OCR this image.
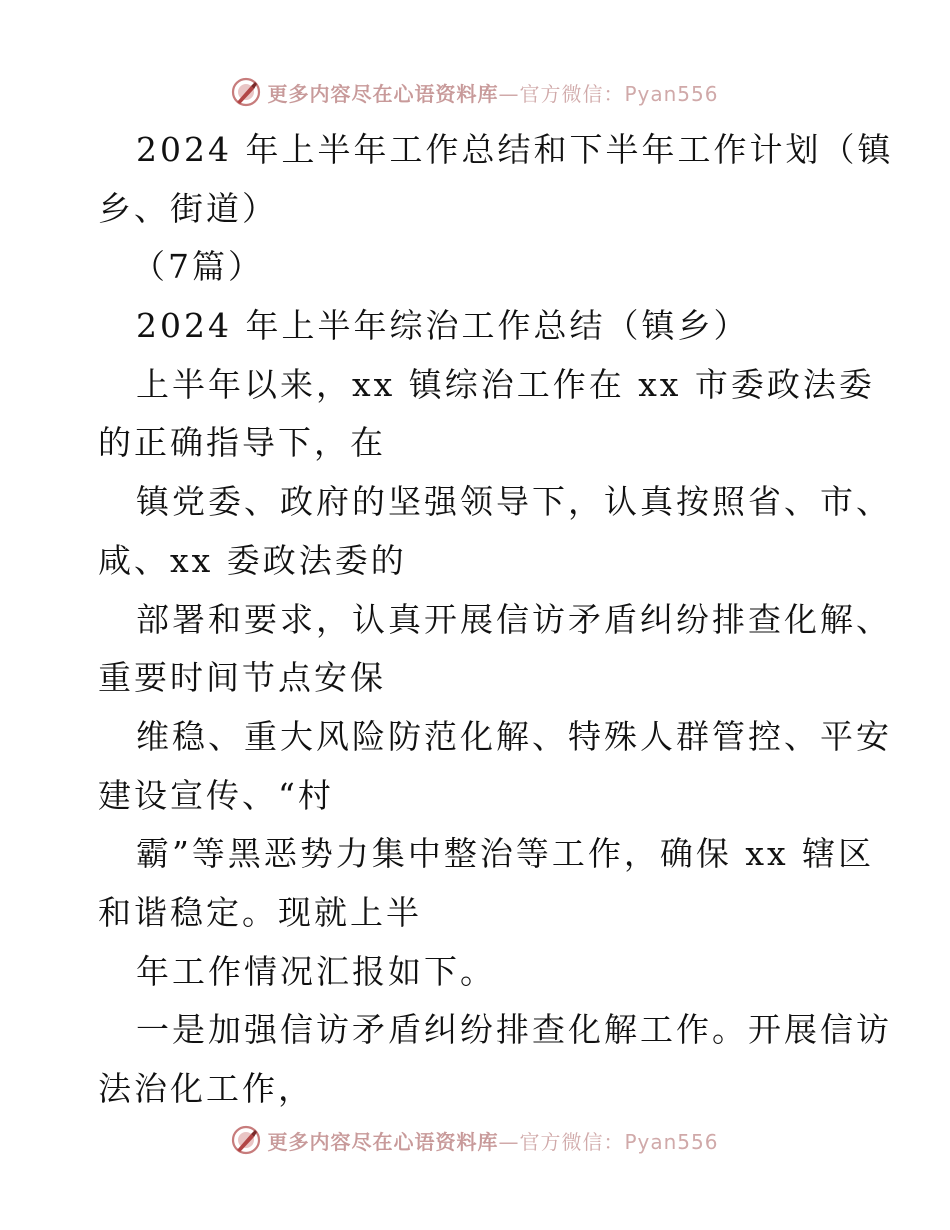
更多内容尽在心语资料库—官方微信：Pyan556
2024 年上半年工作总结和下半年工作计划（镇
乡、街道）
（7篇）
2024 年上半年综治工作总结（镇乡）
上半年以来，xx 镇综治工作在 xx 市委政法委
的正确指导下，在
镇党委、政府的坚强领导下，认真按照省、市、
咸、xx 委政法委的
部署和要求，认真开展信访矛盾纠纷排查化解、
重要时间节点安保
维稳、重大风险防范化解、特殊人群管控、平安
建设宣传、“村
霸”等黑恶势力集中整治等工作，确保 xx 辖区
和谐稳定。现就上半
年工作情况汇报如下。
一是加强信访矛盾纠纷排查化解工作。开展信访
法治化工作，
更多内容尽在心语资料库—官方微信：Pyan556
